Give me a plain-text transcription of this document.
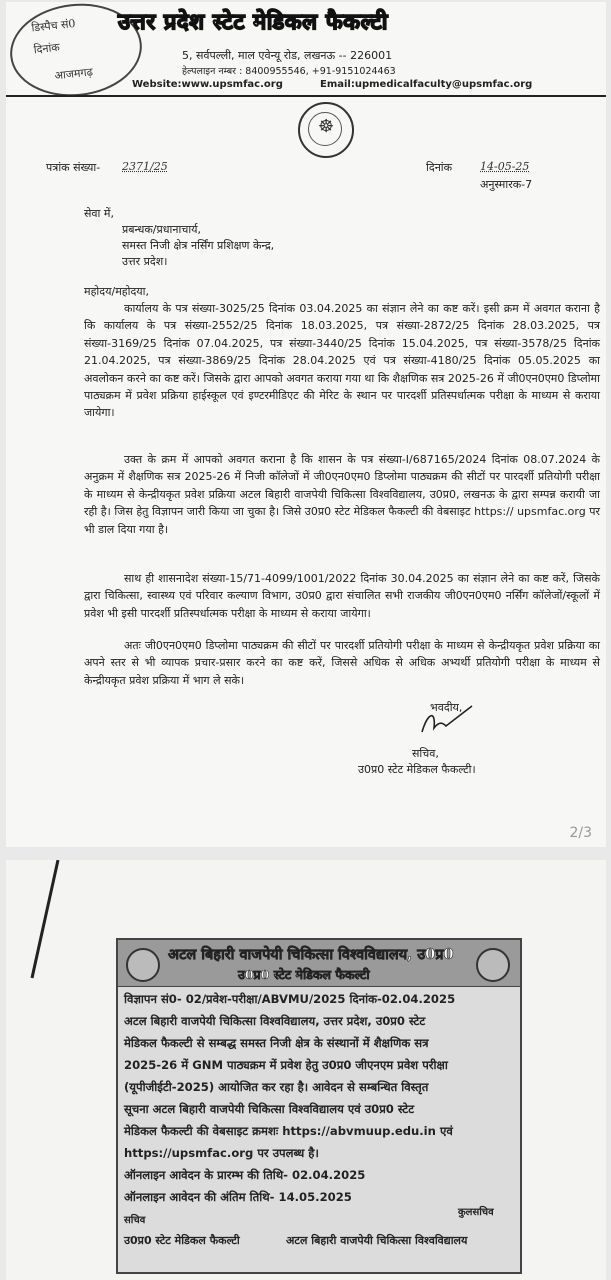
डिस्पैच सं0
दिनांक
आजमगढ़
उत्तर प्रदेश स्टेट मेडिकल फैकल्टी
5, सर्वपल्ली, माल एवेन्यू रोड, लखनऊ -- 226001
हेल्पलाइन नम्बर : 8400955546, +91-9151024463
Website:www.upsmfac.org	Email:upmedicalfaculty@upsmfac.org
☸
पत्रांक संख्या- 2371/25	दिनांक	14-05-25
अनुस्मारक-7
सेवा में,
प्रबन्धक/प्रधानाचार्य,
समस्त निजी क्षेत्र नर्सिंग प्रशिक्षण केन्द्र,
उत्तर प्रदेश।
महोदय/महोदया,
कार्यालय के पत्र संख्या-3025/25 दिनांक 03.04.2025 का संज्ञान लेने का कष्ट करें। इसी क्रम में अवगत कराना है कि कार्यालय के पत्र संख्या-2552/25 दिनांक 18.03.2025, पत्र संख्या-2872/25 दिनांक 28.03.2025, पत्र संख्या-3169/25 दिनांक 07.04.2025, पत्र संख्या-3440/25 दिनांक 15.04.2025, पत्र संख्या-3578/25 दिनांक 21.04.2025, पत्र संख्या-3869/25 दिनांक 28.04.2025 एवं पत्र संख्या-4180/25 दिनांक 05.05.2025 का अवलोकन करने का कष्ट करें। जिसके द्वारा आपको अवगत कराया गया था कि शैक्षणिक सत्र 2025-26 में जी0एन0एम0 डिप्लोमा पाठ्यक्रम में प्रवेश प्रक्रिया हाईस्कूल एवं इण्टरमीडिएट की मेरिट के स्थान पर पारदर्शी प्रतिस्पर्धात्मक परीक्षा के माध्यम से कराया जायेगा।
उक्त के क्रम में आपको अवगत कराना है कि शासन के पत्र संख्या-I/687165/2024 दिनांक 08.07.2024 के अनुक्रम में शैक्षणिक सत्र 2025-26 में निजी कॉलेजों में जी0एन0एम0 डिप्लोमा पाठ्यक्रम की सीटों पर पारदर्शी प्रतियोगी परीक्षा के माध्यम से केन्द्रीयकृत प्रवेश प्रक्रिया अटल बिहारी वाजपेयी चिकित्सा विश्वविद्यालय, उ0प्र0, लखनऊ के द्वारा सम्पन्न करायी जा रही है। जिस हेतु विज्ञापन जारी किया जा चुका है। जिसे उ0प्र0 स्टेट मेडिकल फैकल्टी की वेबसाइट https:// upsmfac.org पर भी डाल दिया गया है।
साथ ही शासनादेश संख्या-15/71-4099/1001/2022 दिनांक 30.04.2025 का संज्ञान लेने का कष्ट करें, जिसके द्वारा चिकित्सा, स्वास्थ्य एवं परिवार कल्याण विभाग, उ0प्र0 द्वारा संचालित सभी राजकीय जी0एन0एम0 नर्सिंग कॉलेजों/स्कूलों में प्रवेश भी इसी पारदर्शी प्रतिस्पर्धात्मक परीक्षा के माध्यम से कराया जायेगा।
अतः जी0एन0एम0 डिप्लोमा पाठ्यक्रम की सीटों पर पारदर्शी प्रतियोगी परीक्षा के माध्यम से केन्द्रीयकृत प्रवेश प्रक्रिया का अपने स्तर से भी व्यापक प्रचार-प्रसार करने का कष्ट करें, जिससे अधिक से अधिक अभ्यर्थी प्रतियोगी परीक्षा के माध्यम से केन्द्रीयकृत प्रवेश प्रक्रिया में भाग ले सके।
भवदीय,
सचिव,
उ0प्र0 स्टेट मेडिकल फैकल्टी।
2/3
अटल बिहारी वाजपेयी चिकित्सा विश्वविद्यालय, उ0प्र0
उ0प्र0 स्टेट मेडिकल फैकल्टी
विज्ञापन सं0- 02/प्रवेश-परीक्षा/ABVMU/2025 दिनांक-02.04.2025
अटल बिहारी वाजपेयी चिकित्सा विश्वविद्यालय, उत्तर प्रदेश, उ0प्र0 स्टेट
मेडिकल फैकल्टी से सम्बद्ध समस्त निजी क्षेत्र के संस्थानों में शैक्षणिक सत्र
2025-26 में GNM पाठ्यक्रम में प्रवेश हेतु उ0प्र0 जीएनएम प्रवेश परीक्षा
(यूपीजीईटी-2025) आयोजित कर रहा है। आवेदन से सम्बन्धित विस्तृत
सूचना अटल बिहारी वाजपेयी चिकित्सा विश्वविद्यालय एवं उ0प्र0 स्टेट
मेडिकल फैकल्टी की वेबसाइट क्रमशः https://abvmuup.edu.in एवं
https://upsmfac.org पर उपलब्ध है।
ऑनलाइन आवेदन के प्रारम्भ की तिथि- 02.04.2025
ऑनलाइन आवेदन की अंतिम तिथि- 14.05.2025
सचिव
कुलसचिव
उ0प्र0 स्टेट मेडिकल फैकल्टी	अटल बिहारी वाजपेयी चिकित्सा विश्वविद्यालय
